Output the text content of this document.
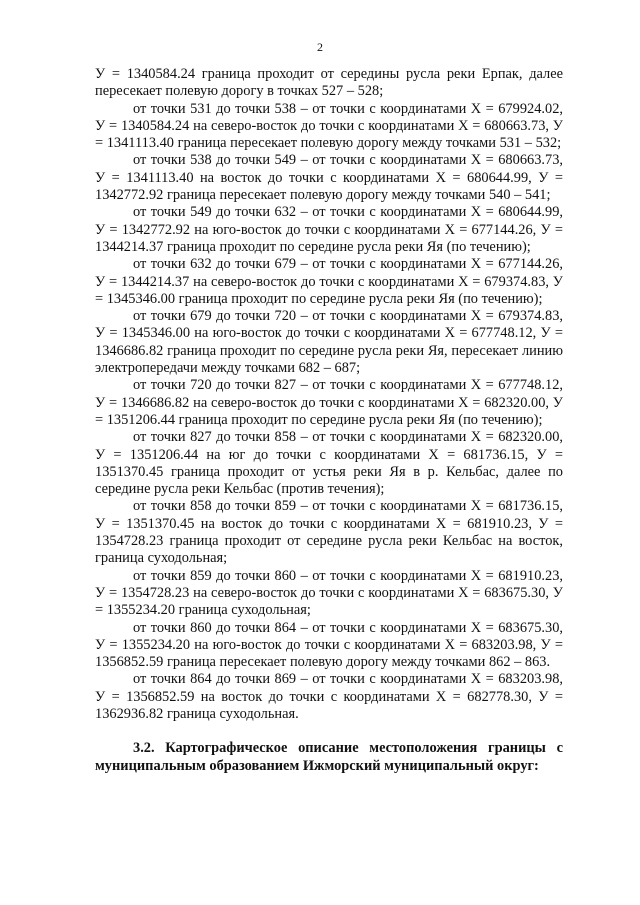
2

У = 1340584.24 граница проходит от середины русла реки Ерпак, далее пересекает полевую дорогу в точках 527 – 528;

от точки 531 до точки 538 – от точки с координатами Х = 679924.02, У = 1340584.24 на северо-восток до точки с координатами Х = 680663.73, У = 1341113.40 граница пересекает полевую дорогу между точками 531 – 532;

от точки 538 до точки 549 – от точки с координатами Х = 680663.73, У = 1341113.40 на восток до точки с координатами Х = 680644.99, У = 1342772.92 граница пересекает полевую дорогу между точками 540 – 541;

от точки 549 до точки 632 – от точки с координатами Х = 680644.99, У = 1342772.92 на юго-восток до точки с координатами Х = 677144.26, У = 1344214.37 граница проходит по середине русла реки Яя (по течению);

от точки 632 до точки 679 – от точки с координатами Х = 677144.26, У = 1344214.37 на северо-восток до точки с координатами Х = 679374.83, У = 1345346.00 граница проходит по середине русла реки Яя (по течению);

от точки 679 до точки 720 – от точки с координатами Х = 679374.83, У = 1345346.00 на юго-восток до точки с координатами Х = 677748.12, У = 1346686.82 граница проходит по середине русла реки Яя, пересекает линию электропередачи между точками 682 – 687;

от точки 720 до точки 827 – от точки с координатами Х = 677748.12, У = 1346686.82 на северо-восток до точки с координатами Х = 682320.00, У = 1351206.44 граница проходит по середине русла реки Яя (по течению);

от точки 827 до точки 858 – от точки с координатами Х = 682320.00, У = 1351206.44 на юг до точки с координатами Х = 681736.15, У = 1351370.45 граница проходит от устья реки Яя в р. Кельбас, далее по середине русла реки Кельбас (против течения);

от точки 858 до точки 859 – от точки с координатами Х = 681736.15, У = 1351370.45 на восток до точки с координатами Х = 681910.23, У = 1354728.23 граница проходит от середине русла реки Кельбас на восток, граница суходольная;

от точки 859 до точки 860 – от точки с координатами Х = 681910.23, У = 1354728.23 на северо-восток до точки с координатами Х = 683675.30, У = 1355234.20 граница суходольная;

от точки 860 до точки 864 – от точки с координатами Х = 683675.30, У = 1355234.20 на юго-восток до точки с координатами Х = 683203.98, У = 1356852.59 граница пересекает полевую дорогу между точками 862 – 863.

от точки 864 до точки 869 – от точки с координатами Х = 683203.98, У = 1356852.59 на восток до точки с координатами Х = 682778.30, У = 1362936.82 граница суходольная.

3.2. Картографическое описание местоположения границы с муниципальным образованием Ижморский муниципальный округ:
